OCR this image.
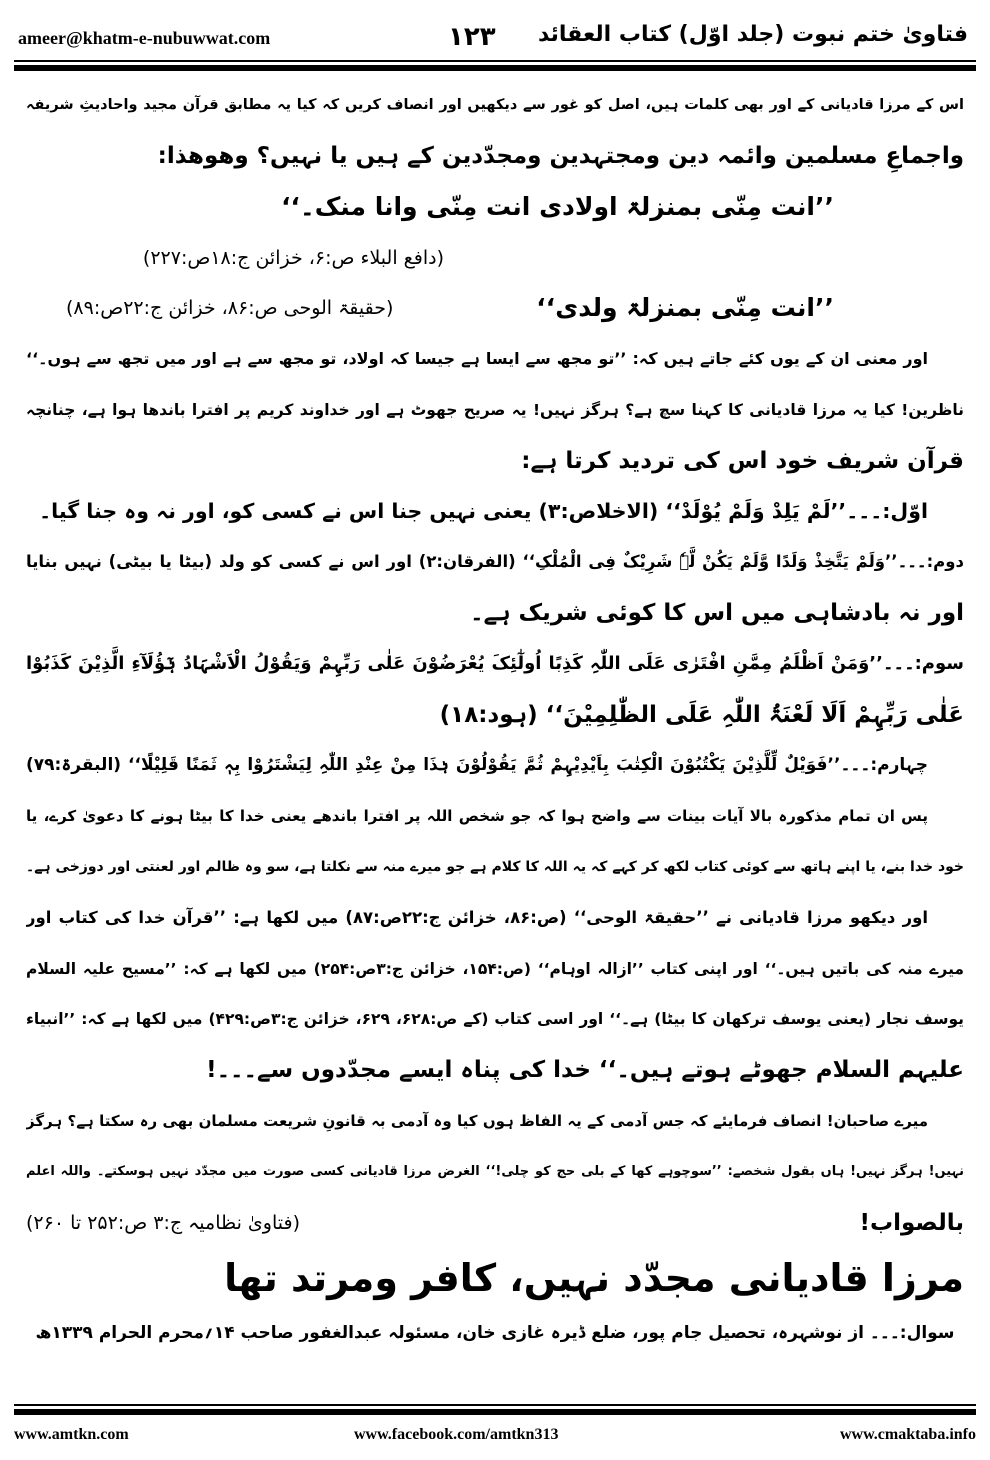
ameer@khatm-e-nubuwwat.com	۱۲۳ فتاویٰ ختم نبوت (جلد اوّل) کتاب العقائد
اس کے مرزا قادیانی کے اور بھی کلمات ہیں، اصل کو غور سے دیکھیں اور انصاف کریں کہ کیا یہ مطابق قرآن مجید واحادیثِ شریفہ
واجماعِ مسلمین وائمہ دین ومجتہدین ومجدّدین کے ہیں یا نہیں؟ وھوھذا:
’’انت مِنّی بمنزلۃ اولادی انت مِنّی وانا منک۔‘‘
(دافع البلاء ص:۶، خزائن ج:۱۸ص:۲۲۷)
’’انت مِنّی بمنزلۃ ولدی‘‘
(حقیقۃ الوحی ص:۸۶، خزائن ج:۲۲ص:۸۹)
اور معنی ان کے یوں کئے جاتے ہیں کہ: ’’تو مجھ سے ایسا ہے جیسا کہ اولاد، تو مجھ سے ہے اور میں تجھ سے ہوں۔‘‘
ناظرین! کیا یہ مرزا قادیانی کا کہنا سچ ہے؟ ہرگز نہیں! یہ صریح جھوٹ ہے اور خداوند کریم پر افترا باندھا ہوا ہے، چنانچہ
قرآن شریف خود اس کی تردید کرتا ہے:
اوّل:۔۔۔’’لَمْ یَلِدْ وَلَمْ یُوْلَدْ‘‘ (الاخلاص:۳) یعنی نہیں جنا اس نے کسی کو، اور نہ وہ جنا گیا۔
دوم:۔۔۔’’وَلَمْ یَتَّخِذْ وَلَدًا وَّلَمْ یَکُنْ لَّہٗ شَرِیْکٌ فِی الْمُلْکِ‘‘ (الفرقان:۲) اور اس نے کسی کو ولد (بیٹا یا بیٹی) نہیں بنایا
اور نہ بادشاہی میں اس کا کوئی شریک ہے۔
سوم:۔۔۔’’وَمَنْ اَظْلَمُ مِمَّنِ افْتَرٰی عَلَی اللّٰہِ کَذِبًا اُولٰٓئِکَ یُعْرَضُوْنَ عَلٰی رَبِّہِمْ وَیَقُوْلُ الْاَشْہَادُ ہٰٓؤُلَآءِ الَّذِیْنَ کَذَبُوْا
عَلٰی رَبِّہِمْ اَلَا لَعْنَۃُ اللّٰہِ عَلَی الظّٰلِمِیْنَ‘‘ (ہود:۱۸)
چہارم:۔۔۔’’فَوَیْلٌ لِّلَّذِیْنَ یَکْتُبُوْنَ الْکِتٰبَ بِاَیْدِیْہِمْ ثُمَّ یَقُوْلُوْنَ ہٰذَا مِنْ عِنْدِ اللّٰہِ لِیَشْتَرُوْا بِہٖ ثَمَنًا قَلِیْلًا‘‘ (البقرۃ:۷۹)
پس ان تمام مذکورہ بالا آیات بینات سے واضح ہوا کہ جو شخص اللہ پر افترا باندھے یعنی خدا کا بیٹا ہونے کا دعویٰ کرے، یا
خود خدا بنے، یا اپنے ہاتھ سے کوئی کتاب لکھ کر کہے کہ یہ اللہ کا کلام ہے جو میرے منہ سے نکلتا ہے، سو وہ ظالم اور لعنتی اور دوزخی ہے۔
اور دیکھو مرزا قادیانی نے ’’حقیقۃ الوحی‘‘ (ص:۸۶، خزائن ج:۲۲ص:۸۷) میں لکھا ہے: ’’قرآن خدا کی کتاب اور
میرے منہ کی باتیں ہیں۔‘‘ اور اپنی کتاب ’’ازالہ اوہام‘‘ (ص:۱۵۴، خزائن ج:۳ص:۲۵۴) میں لکھا ہے کہ: ’’مسیح علیہ السلام
یوسف نجار (یعنی یوسف ترکھان کا بیٹا) ہے۔‘‘ اور اسی کتاب (کے ص:۶۲۸، ۶۲۹، خزائن ج:۳ص:۴۲۹) میں لکھا ہے کہ: ’’انبیاء
علیہم السلام جھوٹے ہوتے ہیں۔‘‘ خدا کی پناہ ایسے مجدّدوں سے۔۔۔!
میرے صاحبان! انصاف فرمایئے کہ جس آدمی کے یہ الفاظ ہوں کیا وہ آدمی بہ قانونِ شریعت مسلمان بھی رہ سکتا ہے؟ ہرگز
نہیں! ہرگز نہیں! ہاں بقول شخصے: ’’سوچوہے کھا کے بلی حج کو چلی!‘‘ الغرض مرزا قادیانی کسی صورت میں مجدّد نہیں ہوسکتے۔ واللہ اعلم
بالصواب!
(فتاویٰ نظامیہ ج:۳ ص:۲۵۲ تا ۲۶۰)
مرزا قادیانی مجدّد نہیں، کافر ومرتد تھا
سوال:۔۔۔ از نوشہرہ، تحصیل جام پور، ضلع ڈیرہ غازی خان، مسئولہ عبدالغفور صاحب ۱۴؍محرم الحرام ۱۳۳۹ھ
www.amtkn.com	www.facebook.com/amtkn313	www.cmaktaba.info
